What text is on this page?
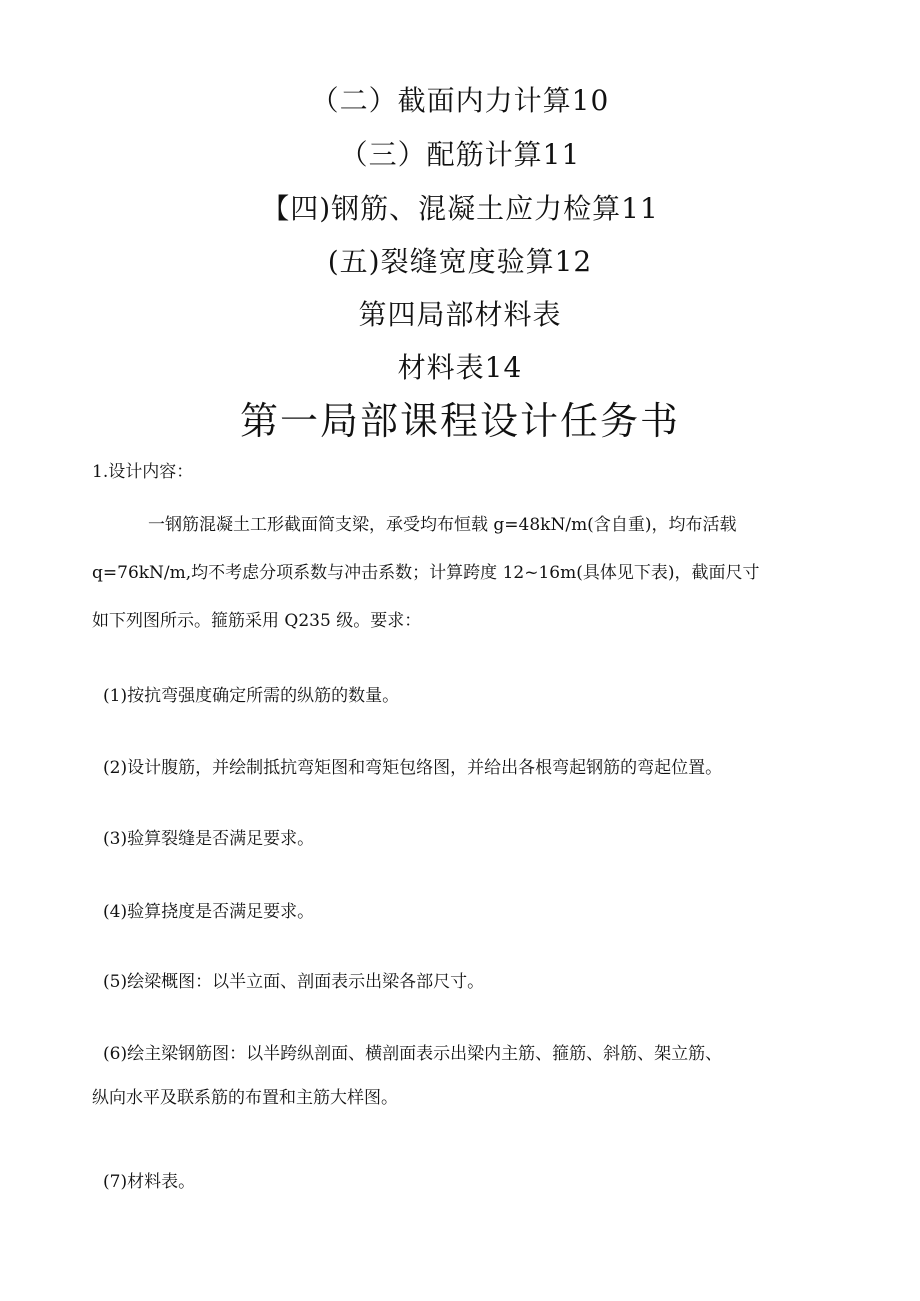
（二）截面内力计算10
（三）配筋计算11
【四)钢筋、混凝土应力检算11
(五)裂缝宽度验算12
第四局部材料表
材料表14
第一局部课程设计任务书
1.设计内容：
一钢筋混凝土工形截面简支梁，承受均布恒载 g=48kN∕m(含自重)，均布活载
q=76kN∕m,均不考虑分项系数与冲击系数；计算跨度 12~16m(具体见下表)，截面尺寸
如下列图所示。箍筋采用 Q235 级。要求：
(1)按抗弯强度确定所需的纵筋的数量。
(2)设计腹筋，并绘制抵抗弯矩图和弯矩包络图，并给出各根弯起钢筋的弯起位置。
(3)验算裂缝是否满足要求。
(4)验算挠度是否满足要求。
(5)绘梁概图：以半立面、剖面表示出梁各部尺寸。
(6)绘主梁钢筋图：以半跨纵剖面、横剖面表示出梁内主筋、箍筋、斜筋、架立筋、
纵向水平及联系筋的布置和主筋大样图。
(7)材料表。
